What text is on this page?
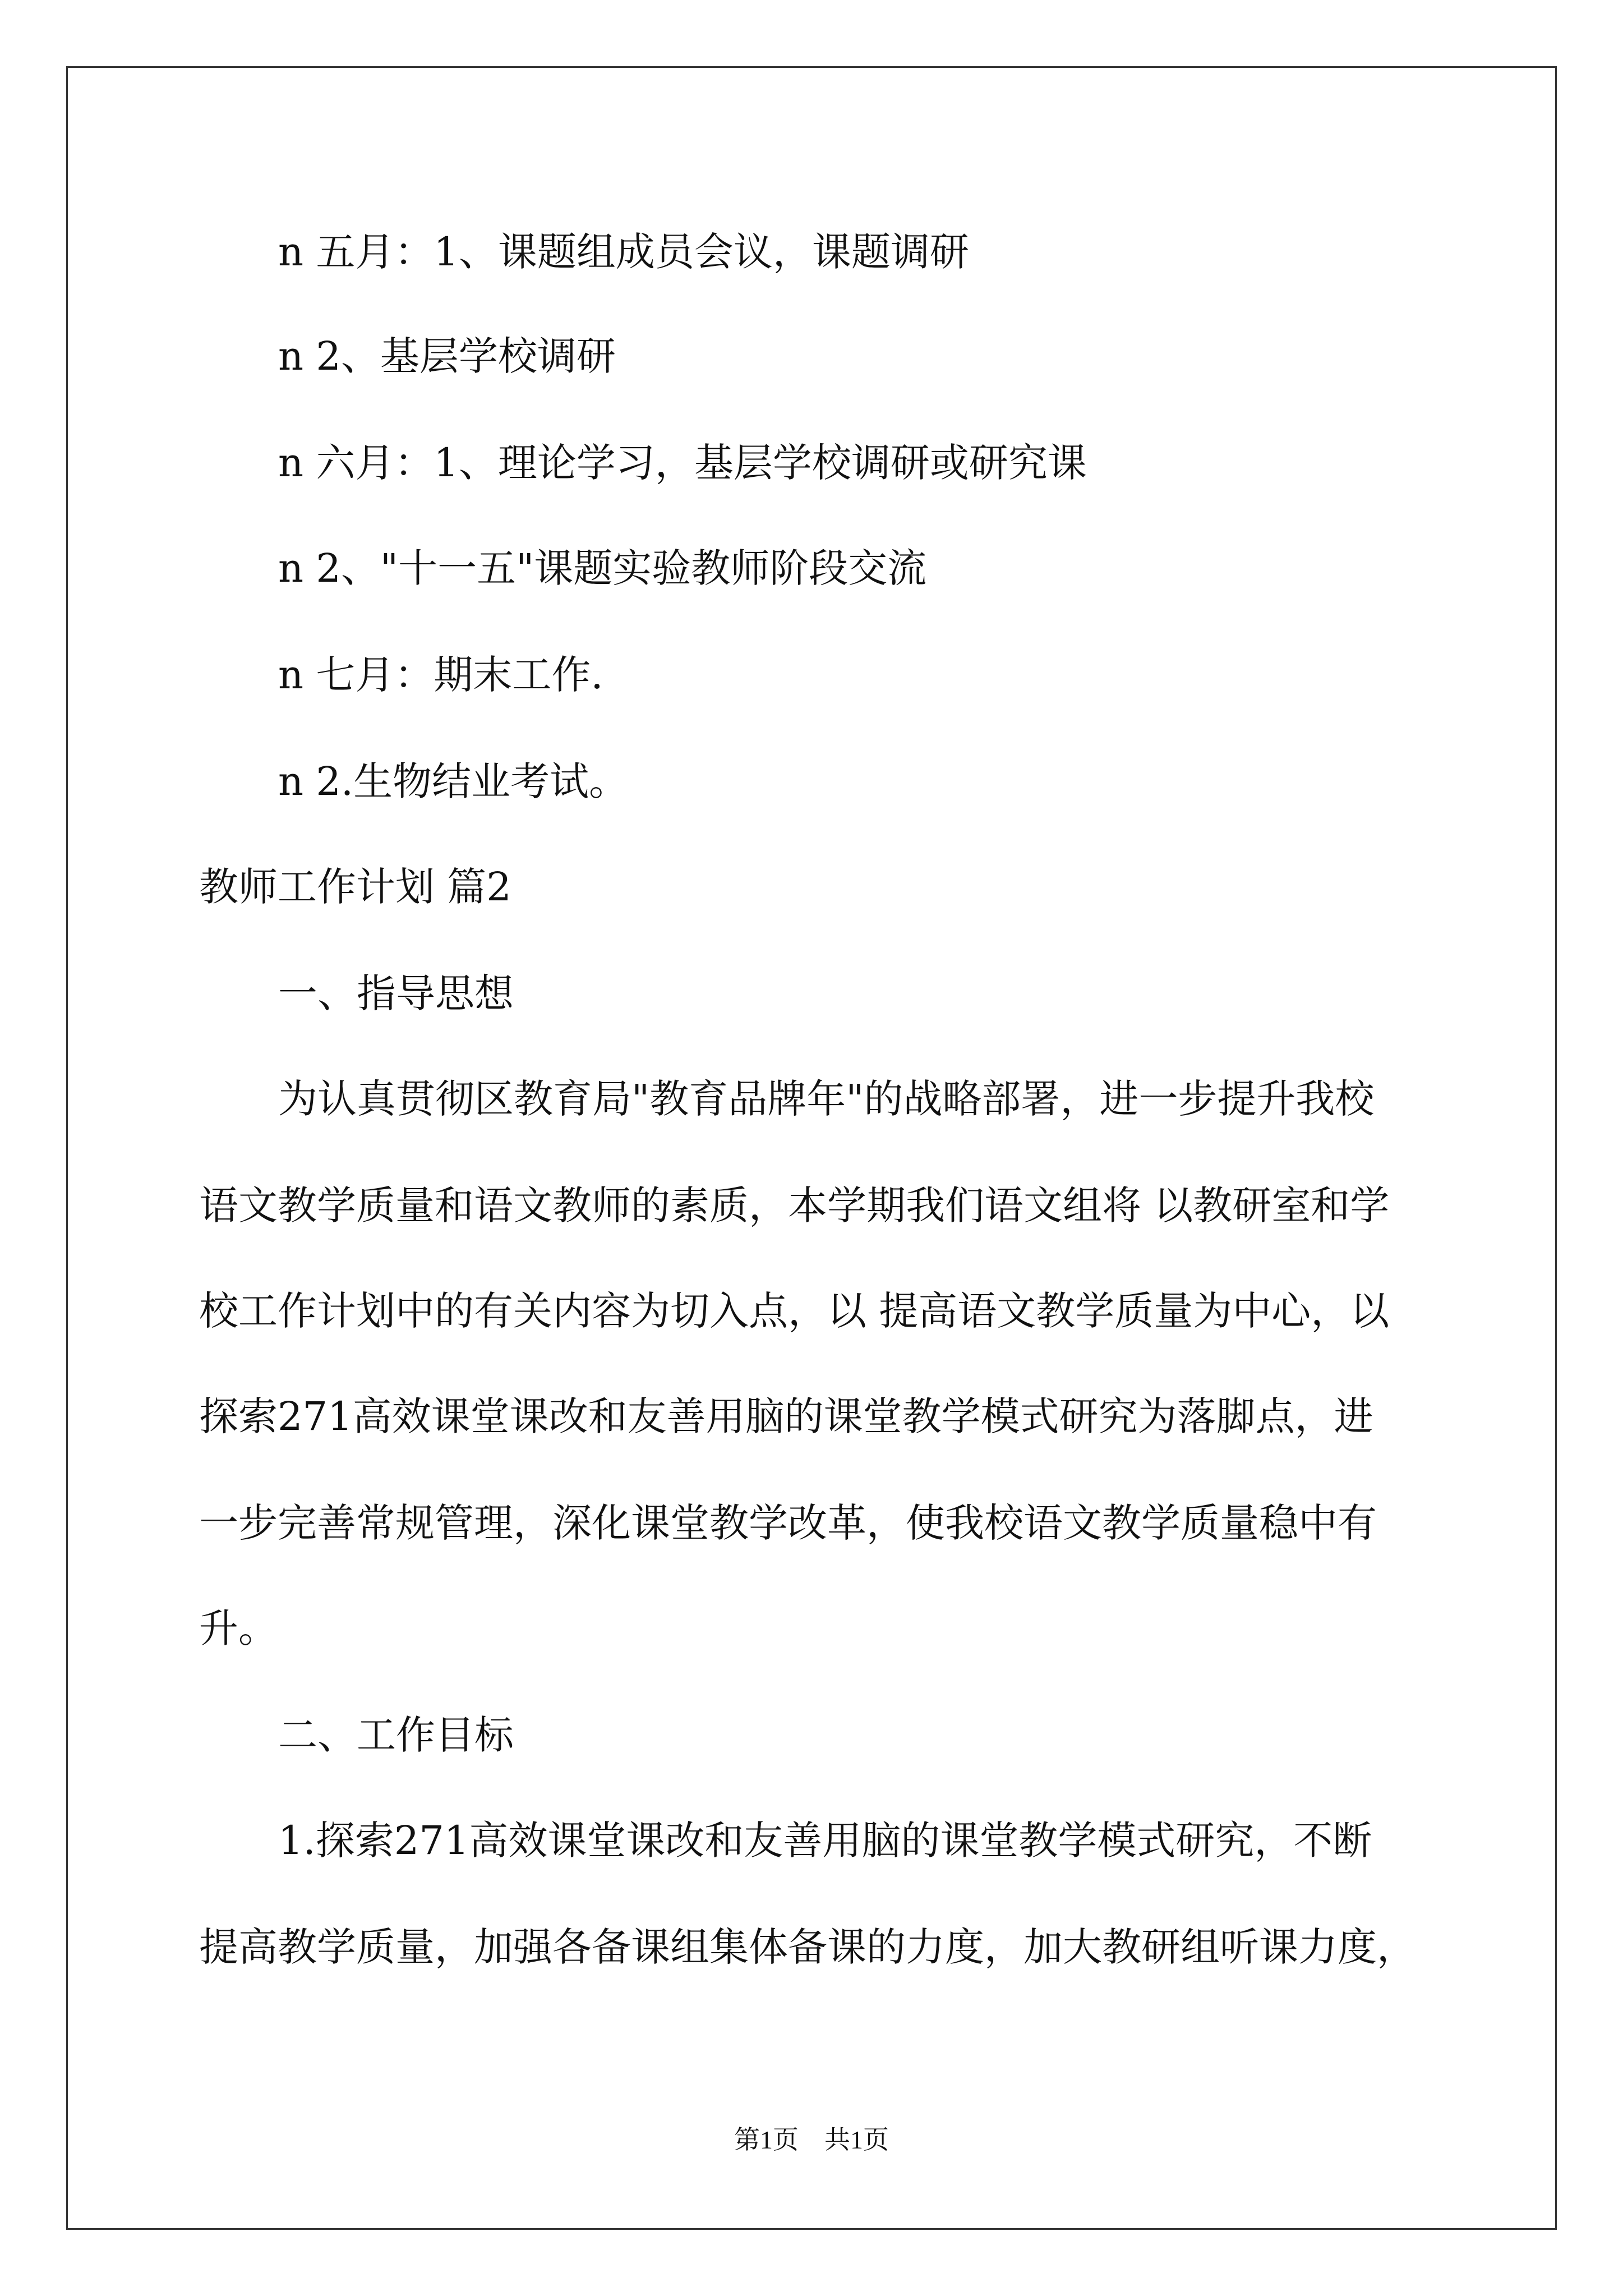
n 五月：1、课题组成员会议，课题调研
n 2、基层学校调研
n 六月：1、理论学习，基层学校调研或研究课
n 2、"十一五"课题实验教师阶段交流
n 七月：期末工作.
n 2.生物结业考试。
教师工作计划 篇2
一、指导思想
为认真贯彻区教育局"教育品牌年"的战略部署，进一步提升我校
语文教学质量和语文教师的素质，本学期我们语文组将 以教研室和学
校工作计划中的有关内容为切入点，以 提高语文教学质量为中心，以
探索271高效课堂课改和友善用脑的课堂教学模式研究为落脚点，进
一步完善常规管理，深化课堂教学改革，使我校语文教学质量稳中有
升。
二、工作目标
1.探索271高效课堂课改和友善用脑的课堂教学模式研究，不断
提高教学质量，加强各备课组集体备课的力度，加大教研组听课力度，
第1页　共1页
